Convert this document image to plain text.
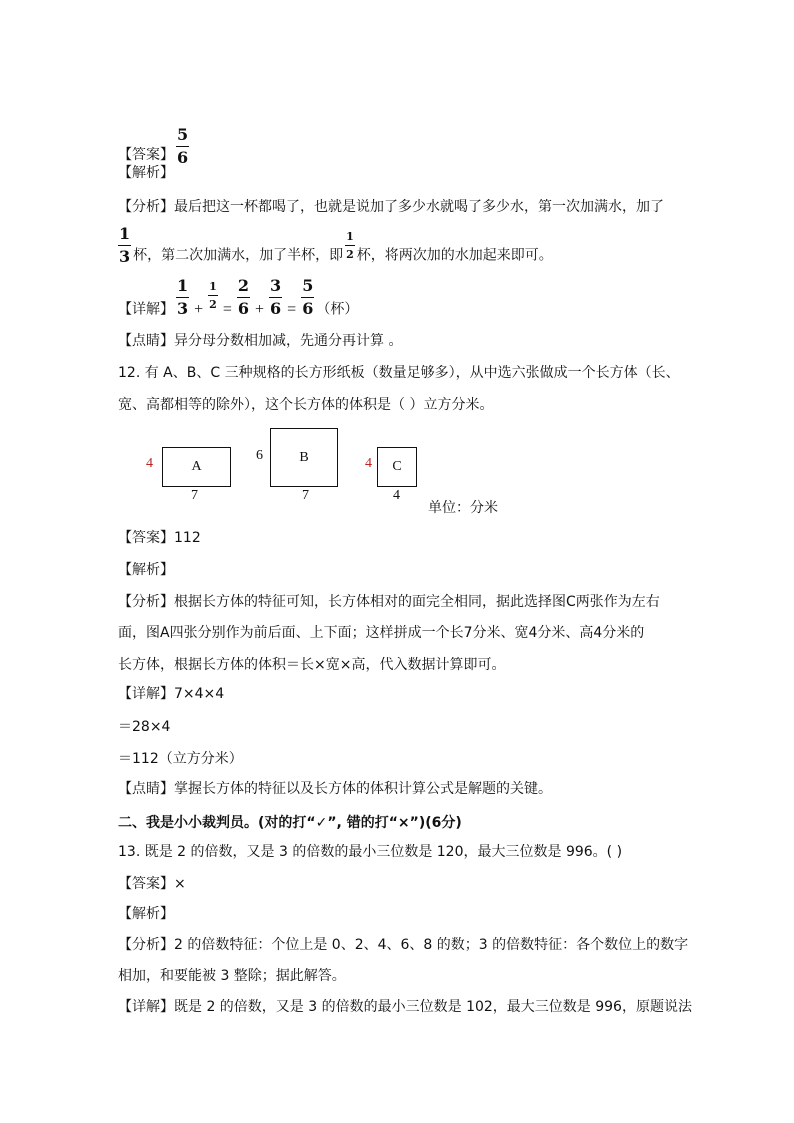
【答案】 $\frac{5}{6}$
【解析】
【分析】最后把这一杯都喝了，也就是说加了多少水就喝了多少水，第一次加满水，加了
$\frac{1}{3}$ 杯，第二次加满水，加了半杯，即 $\frac{1}{2}$ 杯，将两次加的水加起来即可。
【详解】 $\frac{1}{3} + \frac{1}{2} = \frac{2}{6} + \frac{3}{6} = \frac{5}{6}$ （杯）
【点睛】异分母分数相加减，先通分再计算 。
12. 有 A、B、C 三种规格的长方形纸板（数量足够多），从中选六张做成一个长方体（长、
宽、高都相等的除外），这个长方体的体积是（ ）立方分米。
4	A
7
6	B
7
4 C
4
单位：分米
【答案】112
【解析】
【分析】根据长方体的特征可知，长方体相对的面完全相同，据此选择图C两张作为左右
面，图A四张分别作为前后面、上下面；这样拼成一个长7分米、宽4分米、高4分米的
长方体，根据长方体的体积＝长×宽×高，代入数据计算即可。
【详解】7×4×4
＝28×4
＝112（立方分米）
【点睛】掌握长方体的特征以及长方体的体积计算公式是解题的关键。
二、我是小小裁判员。(对的打“✓”, 错的打“×”)(6分)
13. 既是 2 的倍数，又是 3 的倍数的最小三位数是 120，最大三位数是 996。( )
【答案】×
【解析】
【分析】2 的倍数特征：个位上是 0、2、4、6、8 的数；3 的倍数特征：各个数位上的数字
相加，和要能被 3 整除；据此解答。
【详解】既是 2 的倍数，又是 3 的倍数的最小三位数是 102，最大三位数是 996，原题说法
